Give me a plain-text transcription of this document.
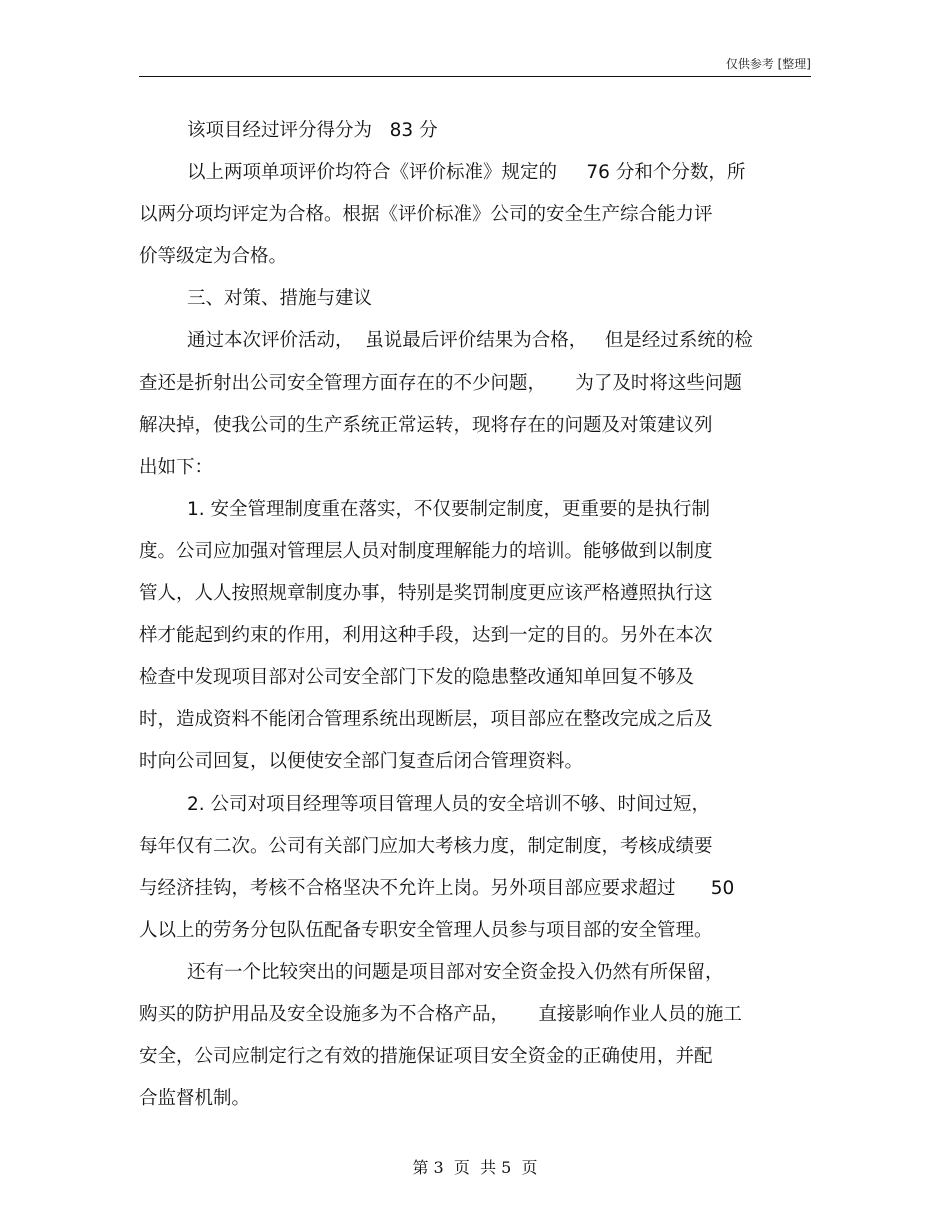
仅供参考 [整理]
该项目经过评分得分为   83 分
以上两项单项评价均符合《评价标准》规定的     76 分和个分数，所
以两分项均评定为合格。根据《评价标准》公司的安全生产综合能力评
价等级定为合格。
三、对策、措施与建议
通过本次评价活动，  虽说最后评价结果为合格，   但是经过系统的检
查还是折射出公司安全管理方面存在的不少问题，     为了及时将这些问题
解决掉，使我公司的生产系统正常运转，现将存在的问题及对策建议列
出如下：
1. 安全管理制度重在落实，不仅要制定制度，更重要的是执行制
度。公司应加强对管理层人员对制度理解能力的培训。能够做到以制度
管人，人人按照规章制度办事，特别是奖罚制度更应该严格遵照执行这
样才能起到约束的作用，利用这种手段，达到一定的目的。另外在本次
检查中发现项目部对公司安全部门下发的隐患整改通知单回复不够及
时，造成资料不能闭合管理系统出现断层，项目部应在整改完成之后及
时向公司回复，以便使安全部门复查后闭合管理资料。
2. 公司对项目经理等项目管理人员的安全培训不够、时间过短，
每年仅有二次。公司有关部门应加大考核力度，制定制度，考核成绩要
与经济挂钩，考核不合格坚决不允许上岗。另外项目部应要求超过      50
人以上的劳务分包队伍配备专职安全管理人员参与项目部的安全管理。
还有一个比较突出的问题是项目部对安全资金投入仍然有所保留，
购买的防护用品及安全设施多为不合格产品，     直接影响作业人员的施工
安全，公司应制定行之有效的措施保证项目安全资金的正确使用，并配
合监督机制。
第 3  页  共 5  页
